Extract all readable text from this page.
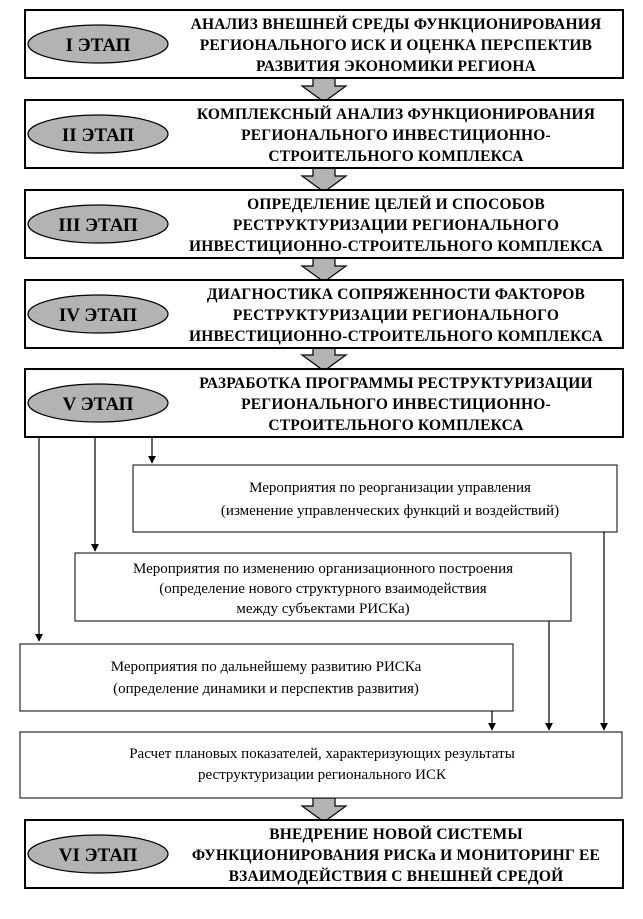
I ЭТАП
АНАЛИЗ ВНЕШНЕЙ СРЕДЫ ФУНКЦИОНИРОВАНИЯ
РЕГИОНАЛЬНОГО ИСК И ОЦЕНКА ПЕРСПЕКТИВ
РАЗВИТИЯ ЭКОНОМИКИ РЕГИОНА
II ЭТАП
КОМПЛЕКСНЫЙ АНАЛИЗ ФУНКЦИОНИРОВАНИЯ
РЕГИОНАЛЬНОГО ИНВЕСТИЦИОННО-
СТРОИТЕЛЬНОГО КОМПЛЕКСА
III ЭТАП
ОПРЕДЕЛЕНИЕ ЦЕЛЕЙ И СПОСОБОВ
РЕСТРУКТУРИЗАЦИИ РЕГИОНАЛЬНОГО
ИНВЕСТИЦИОННО-СТРОИТЕЛЬНОГО КОМПЛЕКСА
IV ЭТАП
ДИАГНОСТИКА СОПРЯЖЕННОСТИ ФАКТОРОВ
РЕСТРУКТУРИЗАЦИИ РЕГИОНАЛЬНОГО
ИНВЕСТИЦИОННО-СТРОИТЕЛЬНОГО КОМПЛЕКСА
V ЭТАП
РАЗРАБОТКА ПРОГРАММЫ РЕСТРУКТУРИЗАЦИИ
РЕГИОНАЛЬНОГО ИНВЕСТИЦИОННО-
СТРОИТЕЛЬНОГО КОМПЛЕКСА
VI ЭТАП
ВНЕДРЕНИЕ НОВОЙ СИСТЕМЫ
ФУНКЦИОНИРОВАНИЯ РИСКа И МОНИТОРИНГ ЕЕ
ВЗАИМОДЕЙСТВИЯ С ВНЕШНЕЙ СРЕДОЙ
Мероприятия по реорганизации управления
(изменение управленческих функций и воздействий)
Мероприятия по изменению организационного построения
(определение нового структурного взаимодействия
между субъектами РИСКа)
Мероприятия по дальнейшему развитию РИСКа
(определение динамики и перспектив развития)
Расчет плановых показателей, характеризующих результаты
реструктуризации регионального ИСК
